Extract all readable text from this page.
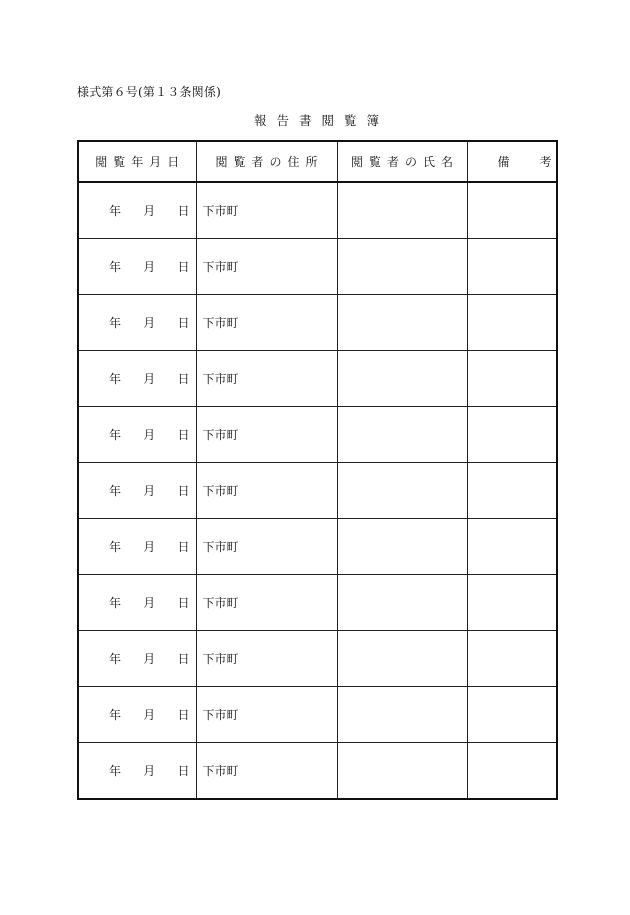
様式第６号(第１３条関係)
報告書閲覧簿
閲覧年月日	閲覧者の住所	閲覧者の氏名	備考

年 月 日	下市町		

年 月 日	下市町		

年 月 日	下市町		

年 月 日	下市町		

年 月 日	下市町		

年 月 日	下市町		

年 月 日	下市町		

年 月 日	下市町		

年 月 日	下市町		

年 月 日	下市町		

年 月 日	下市町		
